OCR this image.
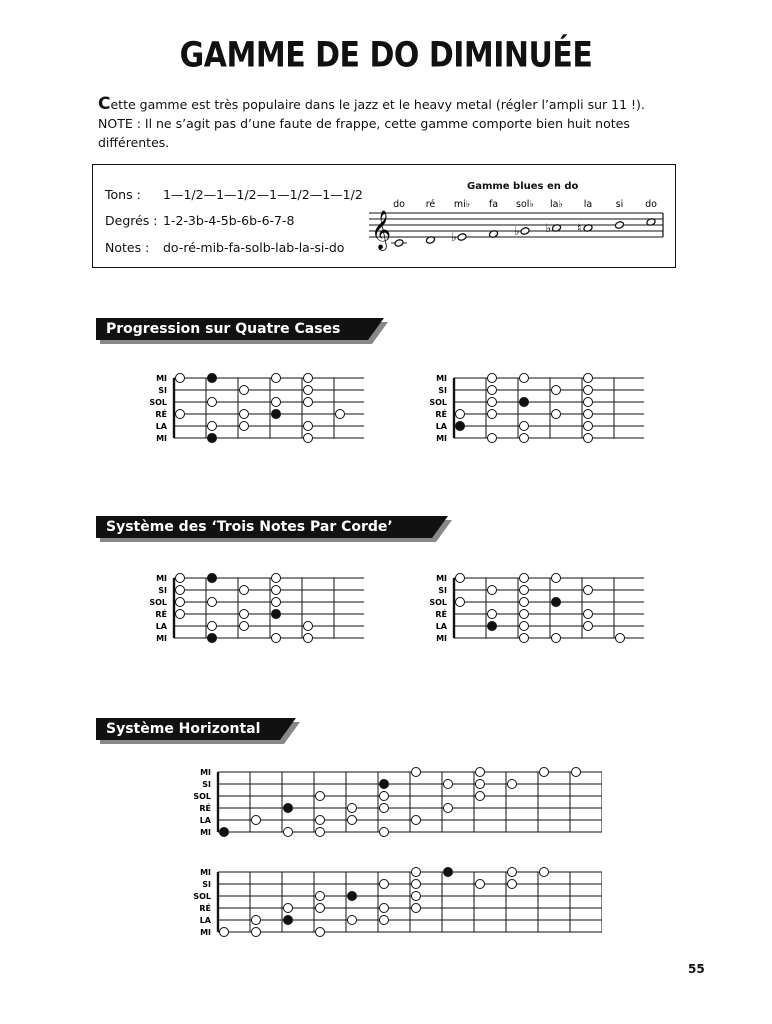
GAMME DE DO DIMINUÉE

Cette gamme est très populaire dans le jazz et le heavy metal (régler l’ampli sur 11 !).

NOTE : Il ne s’agit pas d’une faute de frappe, cette gamme comporte bien huit notes différentes.

Tons : 1—1/2—1—1/2—1—1/2—1—1/2
Degrés : 1-2-3b-4-5b-6b-6-7-8
Notes : do-ré-mib-fa-solb-lab-la-si-do
Gamme blues en do
𝄞
do ré mi♭
♭
fa sol♭
♭
la♭
♭
la
♮
si do
Progression sur Quatre Cases
Système des ‘Trois Notes Par Corde’
Système Horizontal
MI
SI
SOL
RÉ
LA
MI
MI
SI
SOL
RÉ
LA
MI
MI
SI
SOL
RÉ
LA
MI
MI
SI
SOL
RÉ
LA
MI
MI
SI
SOL
RÉ
LA
MI
MI
SI
SOL
RÉ
LA
MI
55
